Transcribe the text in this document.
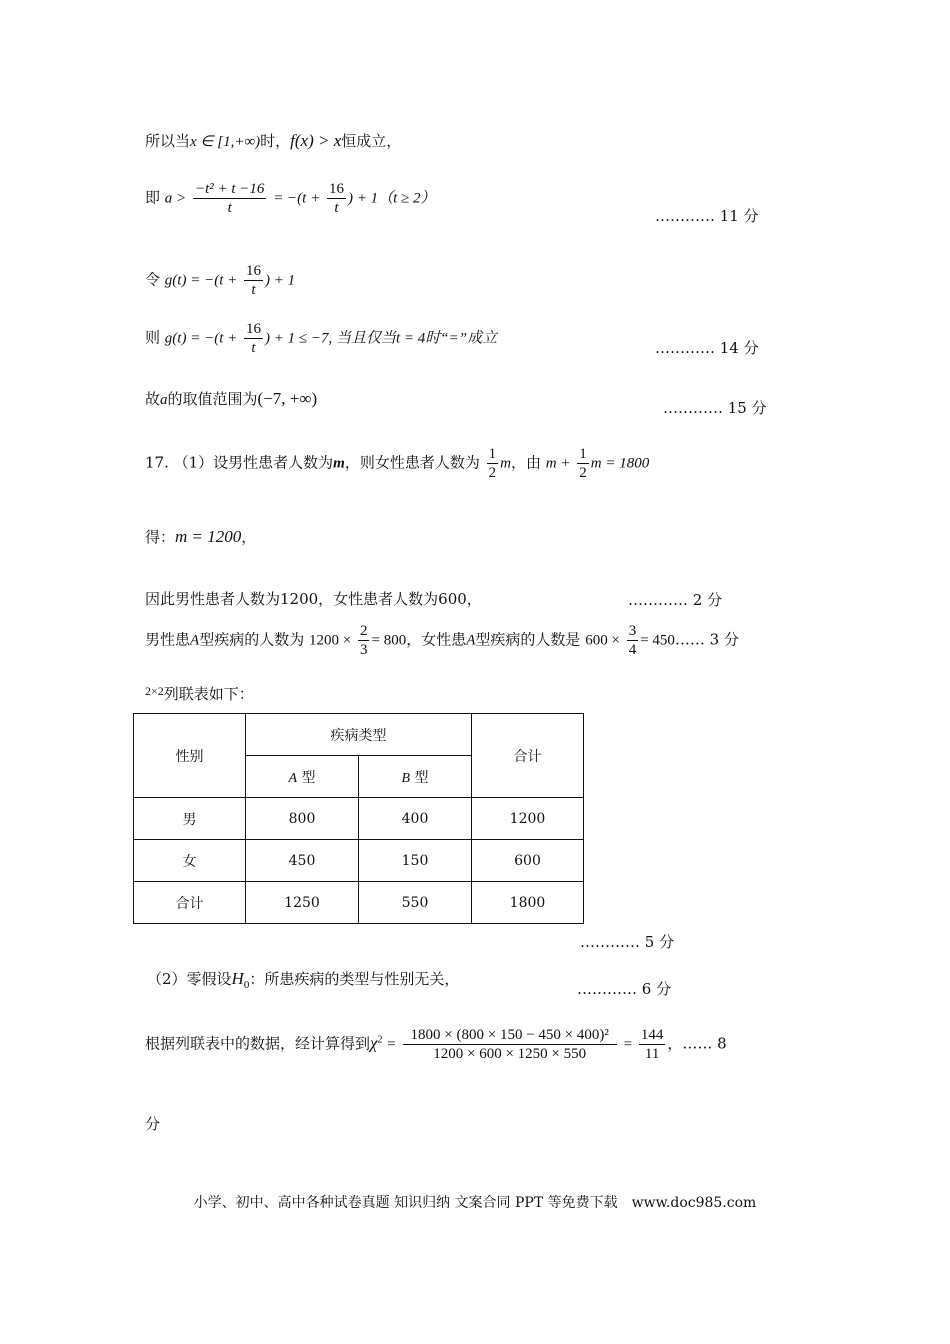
所以当x ∈ [1,+∞)时，f(x) > x恒成立，
即 $a > \frac{\text{−t² + t −16}}{t} = -(t + \frac{16}{t}$ ) + 1（t ≥ 2）
………… 11 分
令 $g(t) = -(t + \frac{16}{t}$ ) + 1
则 $g(t) = -(t + \frac{16}{t}$ ) + 1 ≤ −7, 当且仅当t = 4时“=”成立
………… 14 分
故a的取值范围为(−7, +∞)	………… 15 分
17. （1）设男性患者人数为m，则女性患者人数为 $\frac{1}{2}$ m，由 $m + \frac{1}{2}$ m = 1800
得：m = 1200，
因此男性患者人数为1200，女性患者人数为600，	………… 2 分
男性患A型疾病的人数为 $1200 \times \frac{2}{3} = 800$，女性患A型疾病的人数是 $600 \times \frac{3}{4}$ = 450…… 3 分
$^{2\times 2}$列联表如下：
性别	疾病类型		合计
	A 型	B 型	
男	800	400	1200
女	450	150	600
合计	1250	550	1800
………… 5 分
（2）零假设$H_0$：所患疾病的类型与性别无关，
………… 6 分
根据列联表中的数据，经计算得到$\chi^2 = \frac{\text{1800 × (800 × 150 − 450 × 400)²}}{1200 \times 600 \times 1250 \times 550} = \frac{144}{11}$ ，…… 8
分
小学、初中、高中各种试卷真题 知识归纳 文案合同 PPT 等免费下载　www.doc985.com
